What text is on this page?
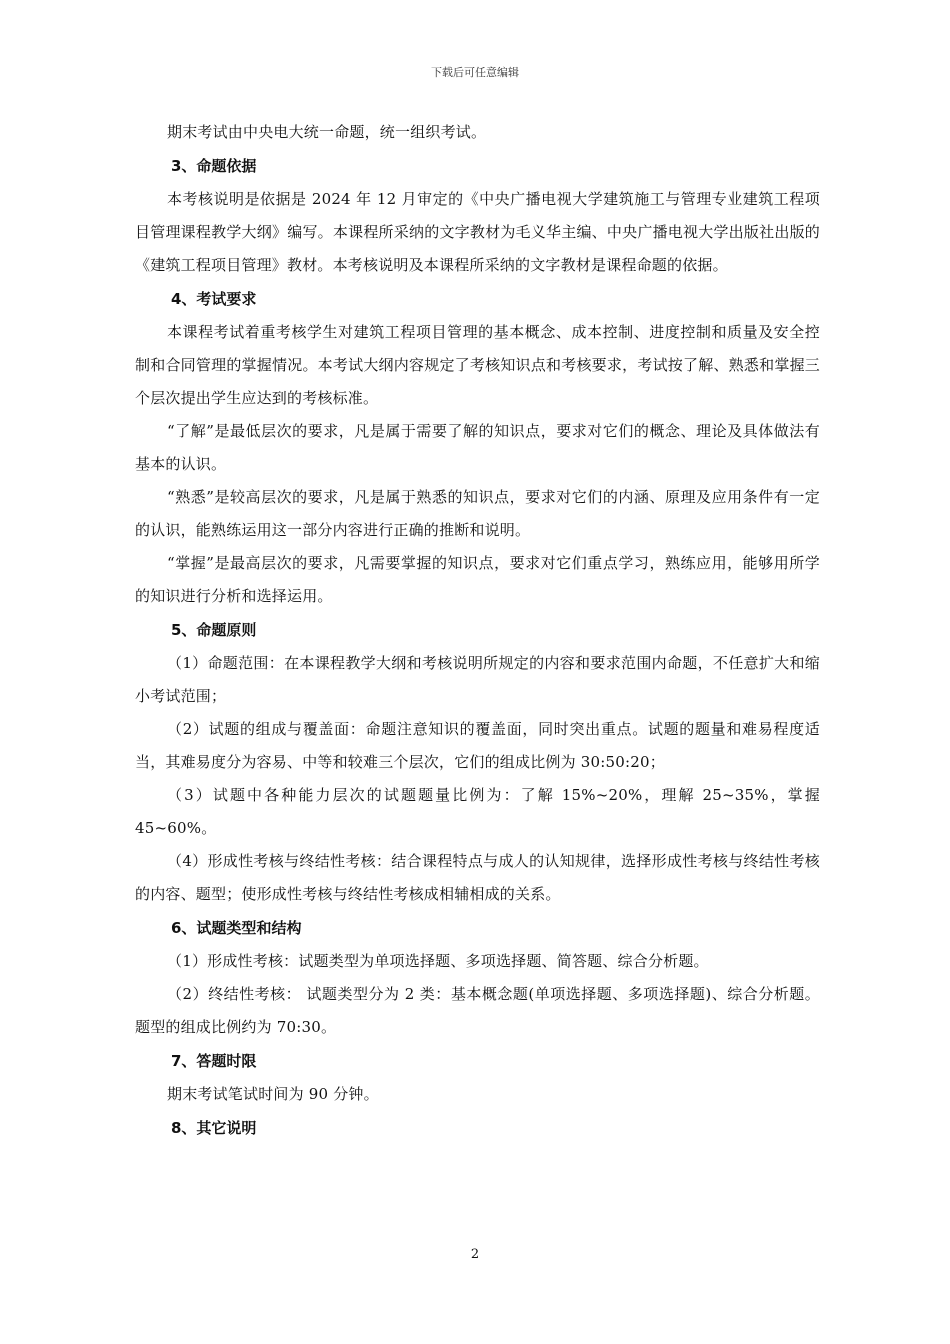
下载后可任意编辑

期末考试由中央电大统一命题，统一组织考试。

3、命题依据

本考核说明是依据是 2024 年 12 月审定的《中央广播电视大学建筑施工与管理专业建筑工程项目管理课程教学大纲》编写。本课程所采纳的文字教材为毛义华主编、中央广播电视大学出版社出版的《建筑工程项目管理》教材。本考核说明及本课程所采纳的文字教材是课程命题的依据。

4、考试要求

本课程考试着重考核学生对建筑工程项目管理的基本概念、成本控制、进度控制和质量及安全控制和合同管理的掌握情况。本考试大纲内容规定了考核知识点和考核要求，考试按了解、熟悉和掌握三个层次提出学生应达到的考核标准。

“了解”是最低层次的要求，凡是属于需要了解的知识点，要求对它们的概念、理论及具体做法有基本的认识。

“熟悉”是较高层次的要求，凡是属于熟悉的知识点，要求对它们的内涵、原理及应用条件有一定的认识，能熟练运用这一部分内容进行正确的推断和说明。

“掌握”是最高层次的要求，凡需要掌握的知识点，要求对它们重点学习，熟练应用，能够用所学的知识进行分析和选择运用。

5、命题原则

（1）命题范围：在本课程教学大纲和考核说明所规定的内容和要求范围内命题，不任意扩大和缩小考试范围；

（2）试题的组成与覆盖面：命题注意知识的覆盖面，同时突出重点。试题的题量和难易程度适当，其难易度分为容易、中等和较难三个层次，它们的组成比例为 30:50:20；

（3）试题中各种能力层次的试题题量比例为：了解 15%~20%，理解 25~35%，掌握45~60%。

（4）形成性考核与终结性考核：结合课程特点与成人的认知规律，选择形成性考核与终结性考核的内容、题型；使形成性考核与终结性考核成相辅相成的关系。

6、试题类型和结构

（1）形成性考核：试题类型为单项选择题、多项选择题、简答题、综合分析题。

（2）终结性考核： 试题类型分为 2 类：基本概念题(单项选择题、多项选择题)、综合分析题。题型的组成比例约为 70:30。

7、答题时限

期末考试笔试时间为 90 分钟。

8、其它说明

2
